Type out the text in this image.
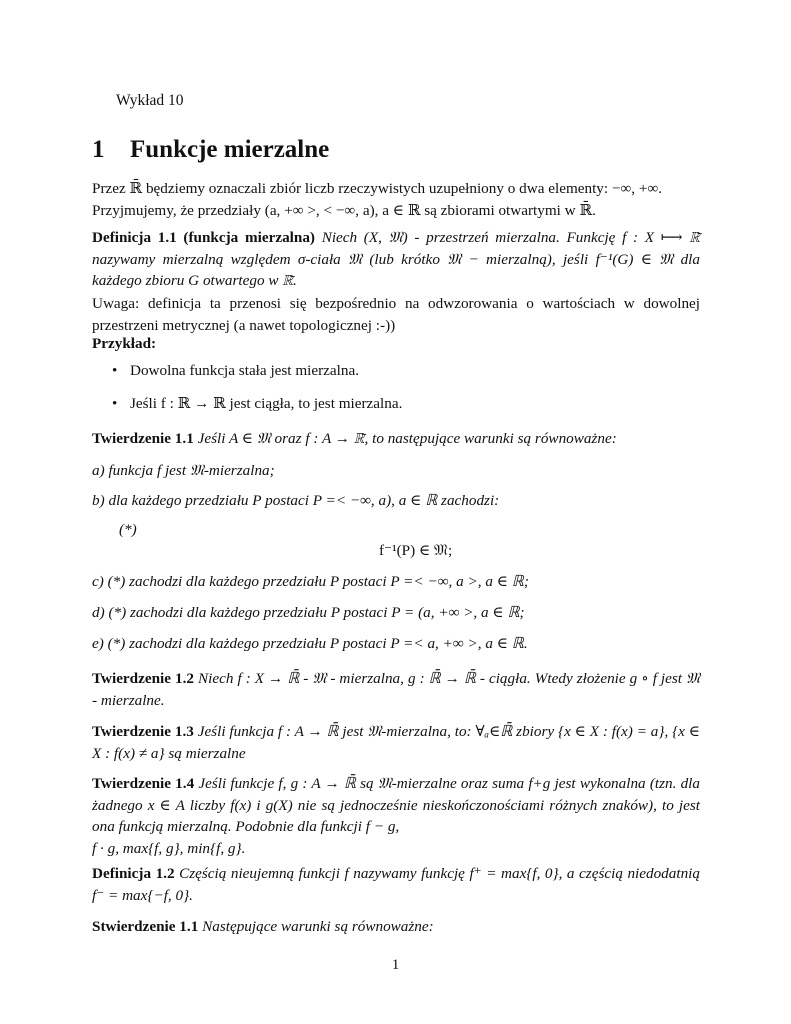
Wykład 10
1 Funkcje mierzalne
Przez ℝ̄ będziemy oznaczali zbiór liczb rzeczywistych uzupełniony o dwa elementy: −∞, +∞. Przyjmujemy, że przedziały (a, +∞ >, < −∞, a), a ∈ ℝ są zbiorami otwartymi w ℝ̄.
Definicja 1.1 (funkcja mierzalna) Niech (X, 𝔐) - przestrzeń mierzalna. Funkcję f : X ⟼ ℝ̄ nazywamy mierzalną względem σ-ciała 𝔐 (lub krótko 𝔐 − mierzalną), jeśli f⁻¹(G) ∈ 𝔐 dla każdego zbioru G otwartego w ℝ̄.
Uwaga: definicja ta przenosi się bezpośrednio na odwzorowania o wartościach w dowolnej przestrzeni metrycznej (a nawet topologicznej :-))
Przykład:
• Dowolna funkcja stała jest mierzalna.
• Jeśli f : ℝ → ℝ jest ciągła, to jest mierzalna.
Twierdzenie 1.1 Jeśli A ∈ 𝔐 oraz f : A → ℝ̄, to następujące warunki są równoważne:
a) funkcja f jest 𝔐-mierzalna;
b) dla każdego przedziału P postaci P =< −∞, a), a ∈ ℝ zachodzi:
(*)
f⁻¹(P) ∈ 𝔐;
c) (*) zachodzi dla każdego przedziału P postaci P =< −∞, a >, a ∈ ℝ;
d) (*) zachodzi dla każdego przedziału P postaci P = (a, +∞ >, a ∈ ℝ;
e) (*) zachodzi dla każdego przedziału P postaci P =< a, +∞ >, a ∈ ℝ.
Twierdzenie 1.2 Niech f : X → ℝ̄ - 𝔐 - mierzalna, g : ℝ̄ → ℝ̄ - ciągła. Wtedy złożenie g ∘ f jest 𝔐 - mierzalne.
Twierdzenie 1.3 Jeśli funkcja f : A → ℝ̄ jest 𝔐-mierzalna, to: ∀ₐ∈ℝ̄ zbiory {x ∈ X : f(x) = a}, {x ∈ X : f(x) ≠ a} są mierzalne
Twierdzenie 1.4 Jeśli funkcje f, g : A → ℝ̄ są 𝔐-mierzalne oraz suma f+g jest wykonalna (tzn. dla żadnego x ∈ A liczby f(x) i g(X) nie są jednocześnie nieskończonościami różnych znaków), to jest ona funkcją mierzalną. Podobnie dla funkcji f − g,
f · g, max{f, g}, min{f, g}.
Definicja 1.2 Częścią nieujemną funkcji f nazywamy funkcję f⁺ = max{f, 0}, a częścią niedodatnią f⁻ = max{−f, 0}.
Stwierdzenie 1.1 Następujące warunki są równoważne:
1
